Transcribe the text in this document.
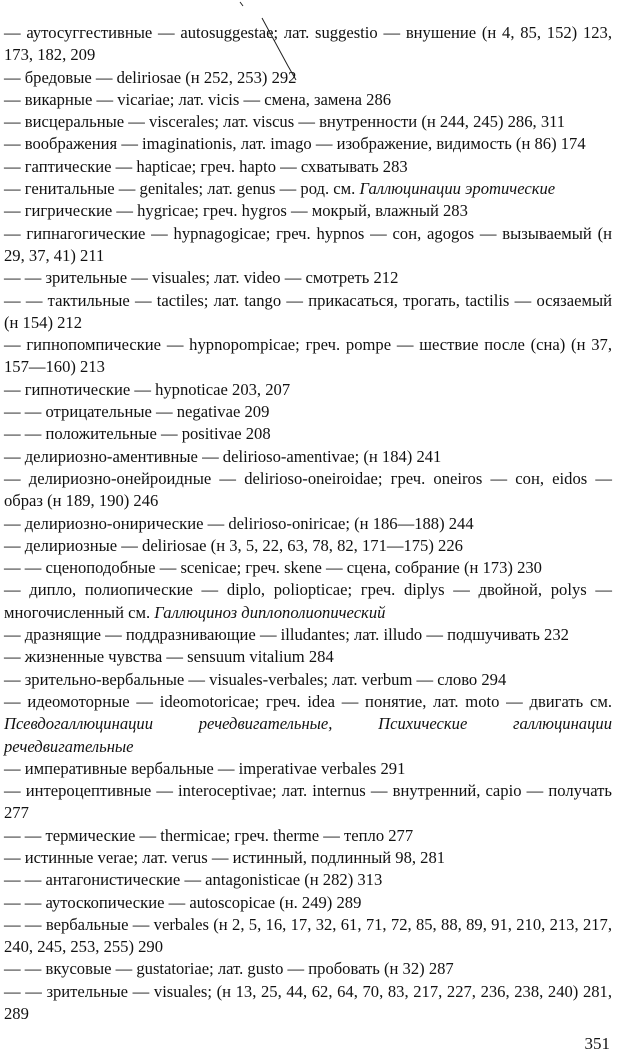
— аутосуггестивные — autosuggestae; лат. suggestio — внушение (н 4, 85, 152) 123, 173, 182, 209

— бредовые — deliriosae (н 252, 253) 292

— викарные — vicariae; лат. vicis — смена, замена 286

— висцеральные — viscerales; лат. viscus — внутренности (н 244, 245) 286, 311

— воображения — imaginationis, лат. imago — изображение, видимость (н 86) 174

— гаптические — hapticae; греч. hapto — схватывать 283

— генитальные — genitales; лат. genus — род. см. Галлюцинации эротические

— гигрические — hygricae; греч. hygros — мокрый, влажный 283

— гипнагогические — hypnagogicae; греч. hypnos — сон, agogos — вызываемый (н 29, 37, 41) 211

— — зрительные — visuales; лат. video — смотреть 212

— — тактильные — tactiles; лат. tango — прикасаться, трогать, tactilis — осязаемый (н 154) 212

— гипнопомпические — hypnopompicae; греч. pompe — шествие после (сна) (н 37, 157—160) 213

— гипнотические — hypnoticae 203, 207

— — отрицательные — negativae 209

— — положительные — positivae 208

— делириозно-аментивные — delirioso-amentivae; (н 184) 241

— делириозно-онейроидные — delirioso-oneiroidae; греч. oneiros — сон, eidos — образ (н 189, 190) 246

— делириозно-онирические — delirioso-oniricae; (н 186—188) 244

— делириозные — deliriosae (н 3, 5, 22, 63, 78, 82, 171—175) 226

— — сценоподобные — scenicae; греч. skene — сцена, собрание (н 173) 230

— дипло, полиопические — diplo, poliopticae; греч. diplys — двойной, polys — многочисленный см. Галлюциноз диплополиопический

— дразнящие — поддразнивающие — illudantes; лат. illudo — подшучивать 232

— жизненные чувства — sensuum vitalium 284

— зрительно-вербальные — visuales-verbales; лат. verbum — слово 294

— идеомоторные — ideomotoricae; греч. idea — понятие, лат. moto — двигать см. Псевдогаллюцинации речедвигательные, Психические галлюцинации речедвигательные

— императивные вербальные — imperativae verbales 291

— интероцептивные — interoceptivae; лат. internus — внутренний, capio — получать 277

— — термические — thermicae; греч. therme — тепло 277

— истинные verae; лат. verus — истинный, подлинный 98, 281

— — антагонистические — antagonisticae (н 282) 313

— — аутоскопические — autoscopicae (н. 249) 289

— — вербальные — verbales (н 2, 5, 16, 17, 32, 61, 71, 72, 85, 88, 89, 91, 210, 213, 217, 240, 245, 253, 255) 290

— — вкусовые — gustatoriae; лат. gusto — пробовать (н 32) 287

— — зрительные — visuales; (н 13, 25, 44, 62, 64, 70, 83, 217, 227, 236, 238, 240) 281, 289

351
